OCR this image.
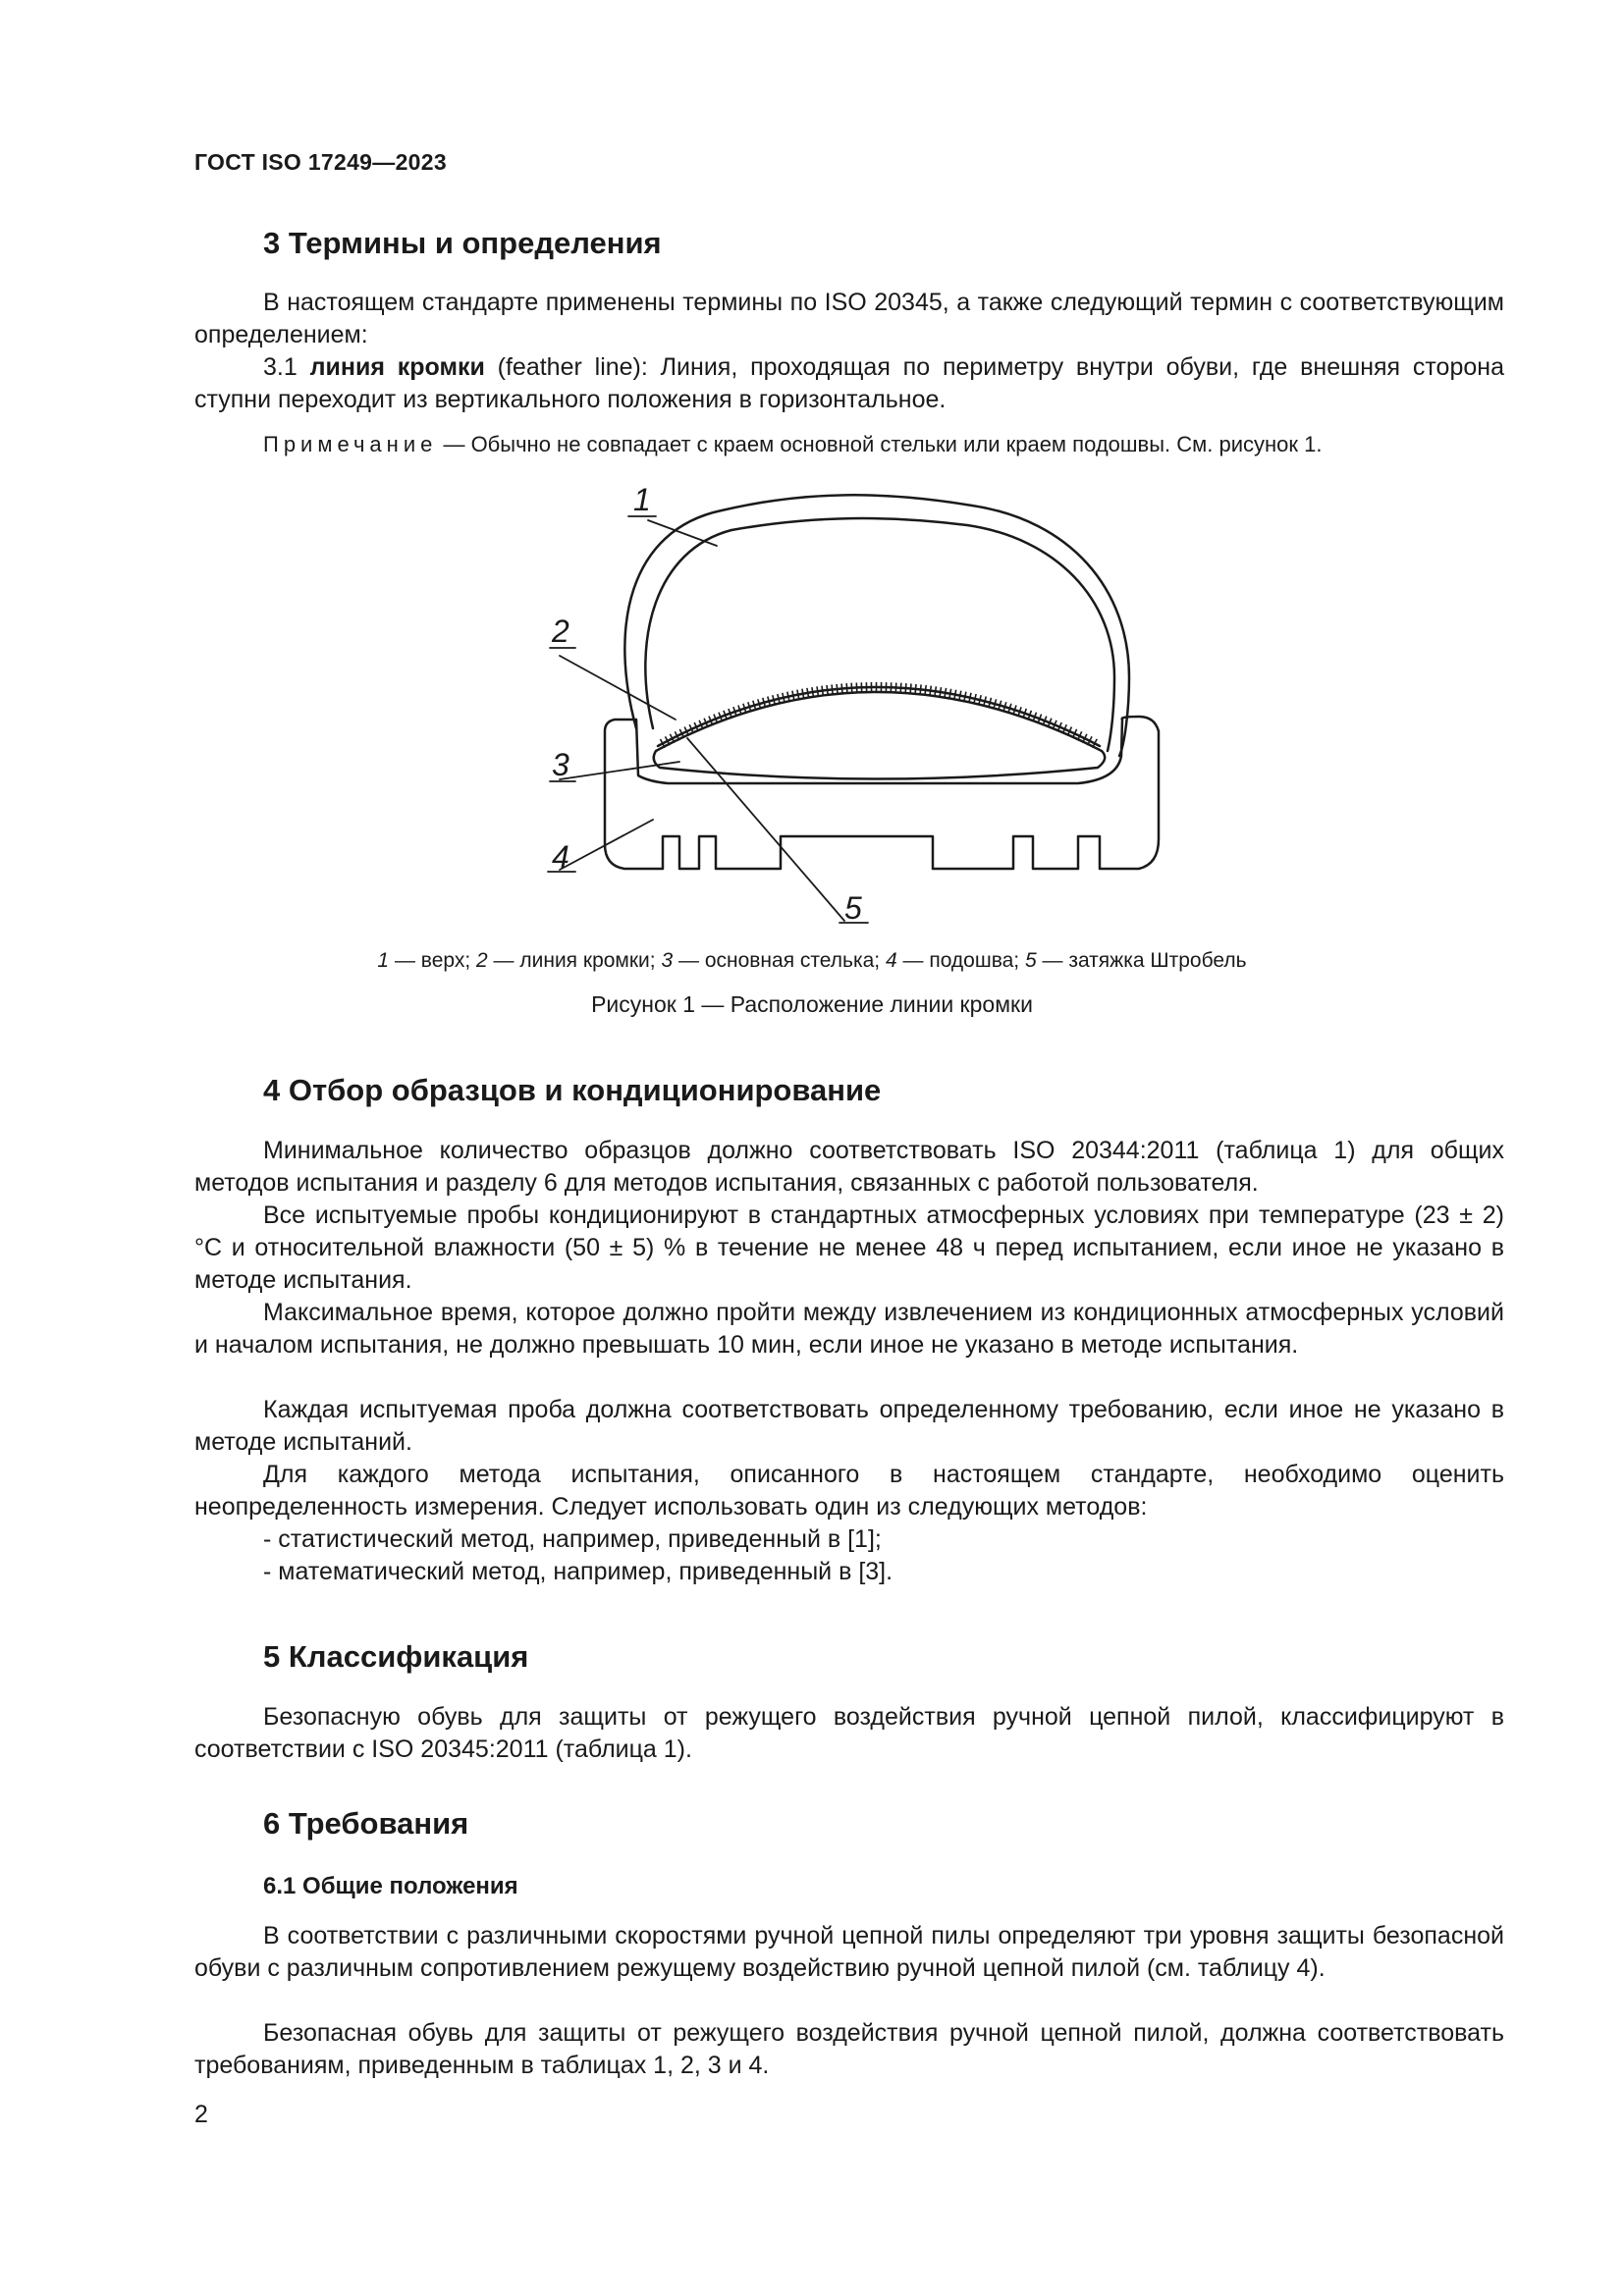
ГОСТ ISO 17249—2023
3 Термины и определения
В настоящем стандарте применены термины по ISO 20345, а также следующий термин с соответствующим определением:
3.1 линия кромки (feather line): Линия, проходящая по периметру внутри обуви, где внешняя сторона ступни переходит из вертикального положения в горизонтальное.
Примечание — Обычно не совпадает с краем основной стельки или краем подошвы. См. рисунок 1.
1
2
3
4
5
1 — верх; 2 — линия кромки; 3 — основная стелька; 4 — подошва; 5 — затяжка Штробель
Рисунок 1 — Расположение линии кромки
4 Отбор образцов и кондиционирование
Минимальное количество образцов должно соответствовать ISO 20344:2011 (таблица 1) для общих методов испытания и разделу 6 для методов испытания, связанных с работой пользователя.
Все испытуемые пробы кондиционируют в стандартных атмосферных условиях при температуре (23 ± 2) °С и относительной влажности (50 ± 5) % в течение не менее 48 ч перед испытанием, если иное не указано в методе испытания.
Максимальное время, которое должно пройти между извлечением из кондиционных атмосферных условий и началом испытания, не должно превышать 10 мин, если иное не указано в методе испытания.
Каждая испытуемая проба должна соответствовать определенному требованию, если иное не указано в методе испытаний.
Для каждого метода испытания, описанного в настоящем стандарте, необходимо оценить неопределенность измерения. Следует использовать один из следующих методов:
- статистический метод, например, приведенный в [1];
- математический метод, например, приведенный в [3].
5 Классификация
Безопасную обувь для защиты от режущего воздействия ручной цепной пилой, классифицируют в соответствии с ISO 20345:2011 (таблица 1).
6 Требования
6.1 Общие положения
В соответствии с различными скоростями ручной цепной пилы определяют три уровня защиты безопасной обуви с различным сопротивлением режущему воздействию ручной цепной пилой (см. таблицу 4).
Безопасная обувь для защиты от режущего воздействия ручной цепной пилой, должна соответствовать требованиям, приведенным в таблицах 1, 2, 3 и 4.
2
